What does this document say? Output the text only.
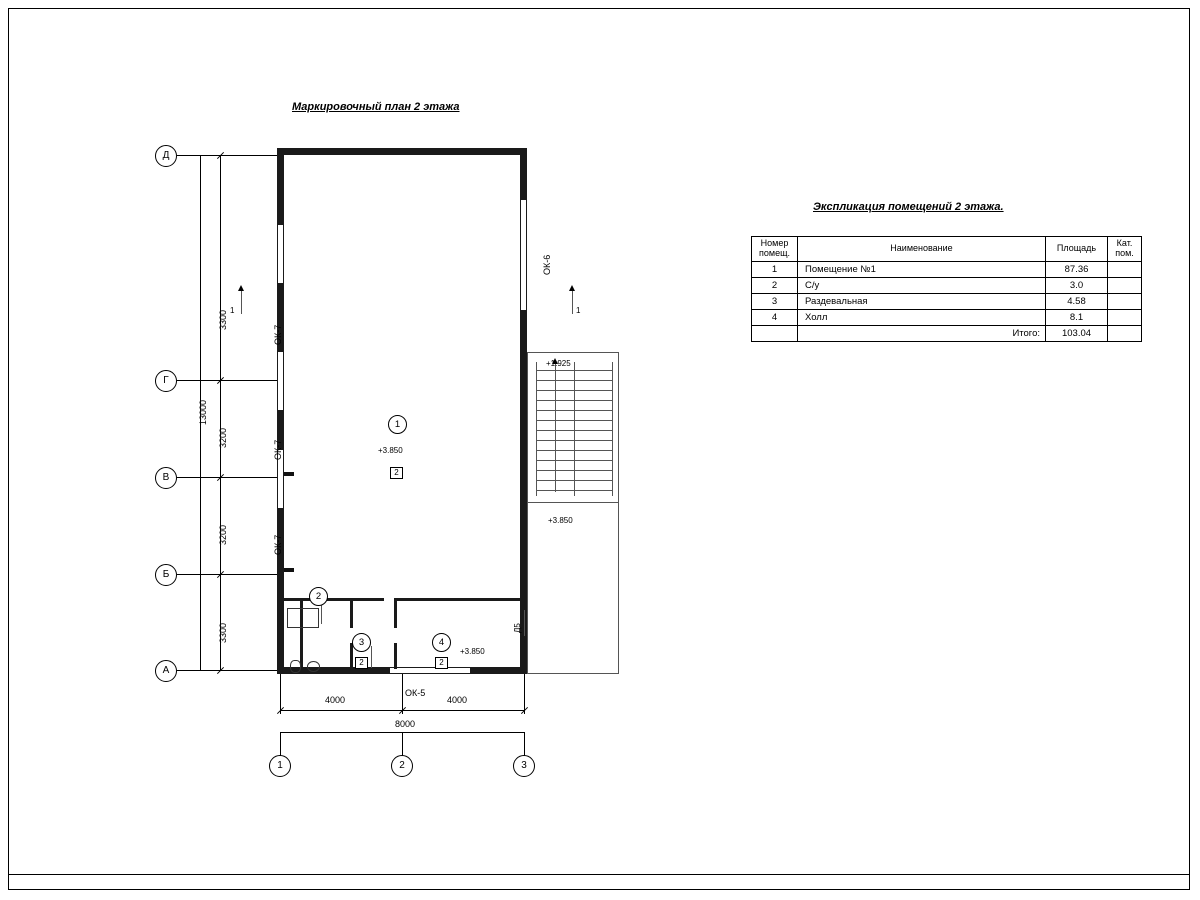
Маркировочный план 2 этажа
Экспликация помещений 2 этажа.
Номер
помещ.	Наименование	Площадь	Кат.
пом.

1	Помещение №1	87.36	
2	С/у	3.0	
3	Раздевальная	4.58	
4	Холл	8.1	
	Итого:	103.04	
Д
Г
В
Б
А
3300
3200
3200
3300
13000
ОК-7
ОК-7
ОК-7
ОК-6
ОК-5
+1.925
+3.850
Д5
1
+3.850
2
2
3
2
4
+3.850
2
1	1
4000	4000
8000
1	2	3
